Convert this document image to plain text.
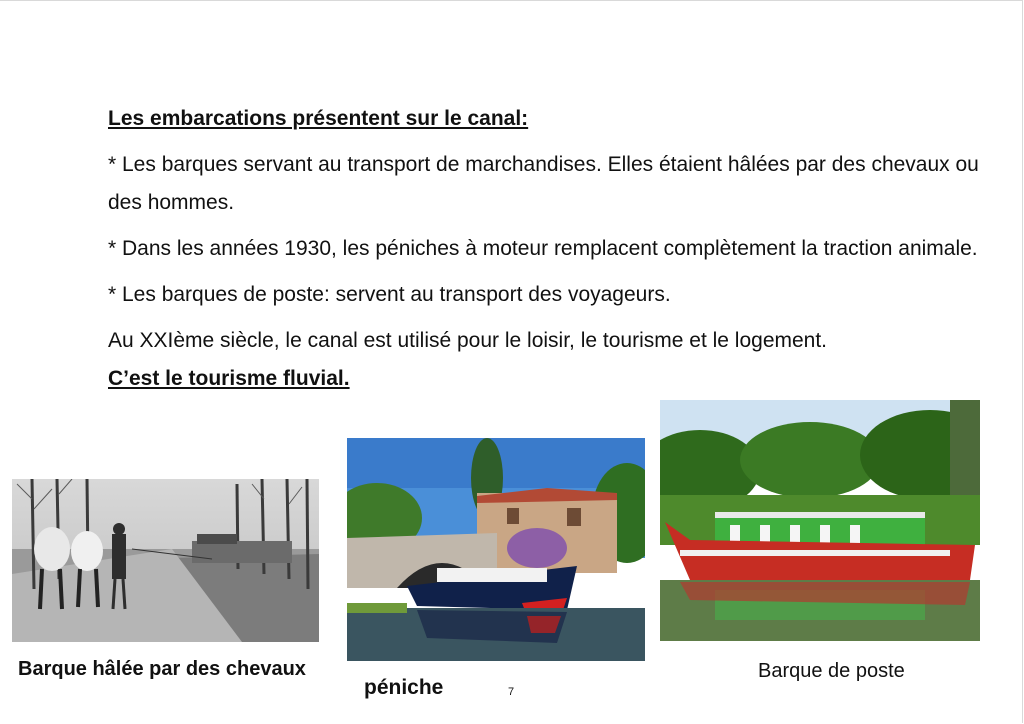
Les embarcations présentent sur le canal:

* Les barques servant au transport de marchandises. Elles étaient hâlées par des chevaux ou des hommes.

* Dans les années 1930, les péniches à moteur remplacent complètement la traction animale.

* Les barques de poste: servent au transport des voyageurs.

Au XXIème siècle, le canal est utilisé pour le loisir, le tourisme et le logement.

C’est le tourisme fluvial.
Barque hâlée par des chevaux
péniche
Barque de poste
7
